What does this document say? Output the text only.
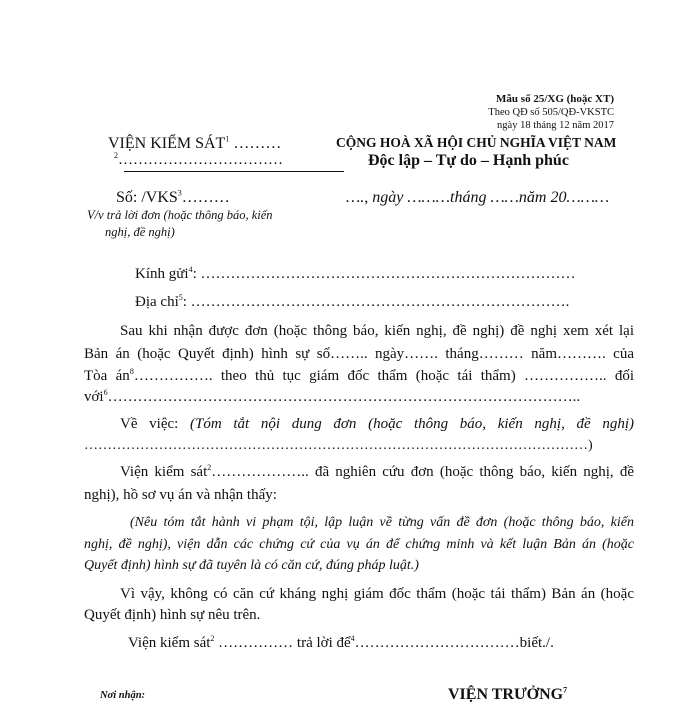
Mẫu số 25/XG (hoặc XT)
Theo QĐ số 505/QĐ-VKSTC
ngày 18 tháng 12 năm 2017
VIỆN KIỂM SÁT$^1$ ………
$^2$……………………………
CỘNG HOÀ XÃ HỘI CHỦ NGHĨA VIỆT NAM
Độc lập – Tự do – Hạnh phúc
Số: /VKS$^3$………	…., ngày ………tháng ……năm 20………
V/v trả lời đơn (hoặc thông báo, kiến
nghị, đề nghị)
Kính gửi$^4$: …………………………………………………………………
Địa chỉ$^5$: ………………………………………………………………….
Sau khi nhận được đơn (hoặc thông báo, kiến nghị, đề nghị) đề nghị xem xét lại
Bản án (hoặc Quyết định) hình sự số…….. ngày……. tháng……… năm………. của
Tòa $án^8\dots\dots\dots\dots\dots$. theo thủ tục giám đốc thẩm (hoặc tái thẩm) …………….. đối
với$^6$…………………………………………………………………………………..
Về việc: (Tóm tắt nội dung đơn (hoặc thông báo, kiến nghị, đề nghị)
………………………………………………………………………………………………)
Viện kiểm sát$^2$……………….. đã nghiên cứu đơn (hoặc thông báo, kiến nghị, đề
nghị), hồ sơ vụ án và nhận thấy:
(Nêu tóm tắt hành vi phạm tội, lập luận về từng vấn đề đơn (hoặc thông báo, kiến
nghị, đề nghị), viện dẫn các chứng cứ của vụ án để chứng minh và kết luận Bản án (hoặc
Quyết định) hình sự đã tuyên là có căn cứ, đúng pháp luật.)
Vì vậy, không có căn cứ kháng nghị giám đốc thẩm (hoặc tái thẩm) Bản án (hoặc
Quyết định) hình sự nêu trên.
Viện kiểm sát$^2$ …………… trả lời để$^4$……………………………biết./.
Nơi nhận:	VIỆN TRƯỞNG$^7$
